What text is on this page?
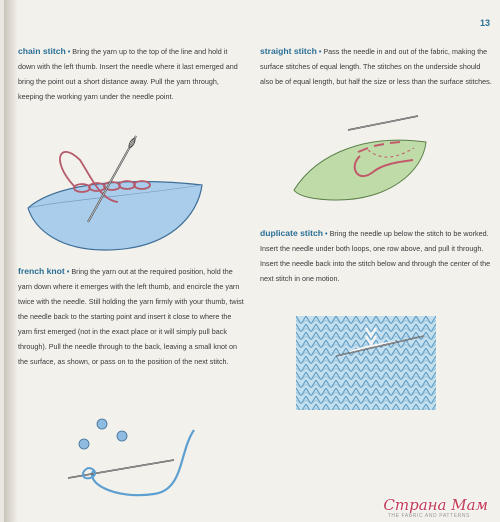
13
chain stitch • Bring the yarn up to the top of the line and hold it down with the left thumb. Insert the needle where it last emerged and bring the point out a short distance away. Pull the yarn through, keeping the working yarn under the needle point.
french knot • Bring the yarn out at the required position, hold the yarn down where it emerges with the left thumb, and encircle the yarn twice with the needle. Still holding the yarn firmly with your thumb, twist the needle back to the starting point and insert it close to where the yarn first emerged (not in the exact place or it will simply pull back through). Pull the needle through to the back, leaving a small knot on the surface, as shown, or pass on to the position of the next stitch.
straight stitch • Pass the needle in and out of the fabric, making the surface stitches of equal length. The stitches on the underside should also be of equal length, but half the size or less than the surface stitches.
duplicate stitch • Bring the needle up below the stitch to be worked. Insert the needle under both loops, one row above, and pull it through. Insert the needle back into the stitch below and through the center of the next stitch in one motion.
THE FABRIC AND PATTERNS
Страна Мам
